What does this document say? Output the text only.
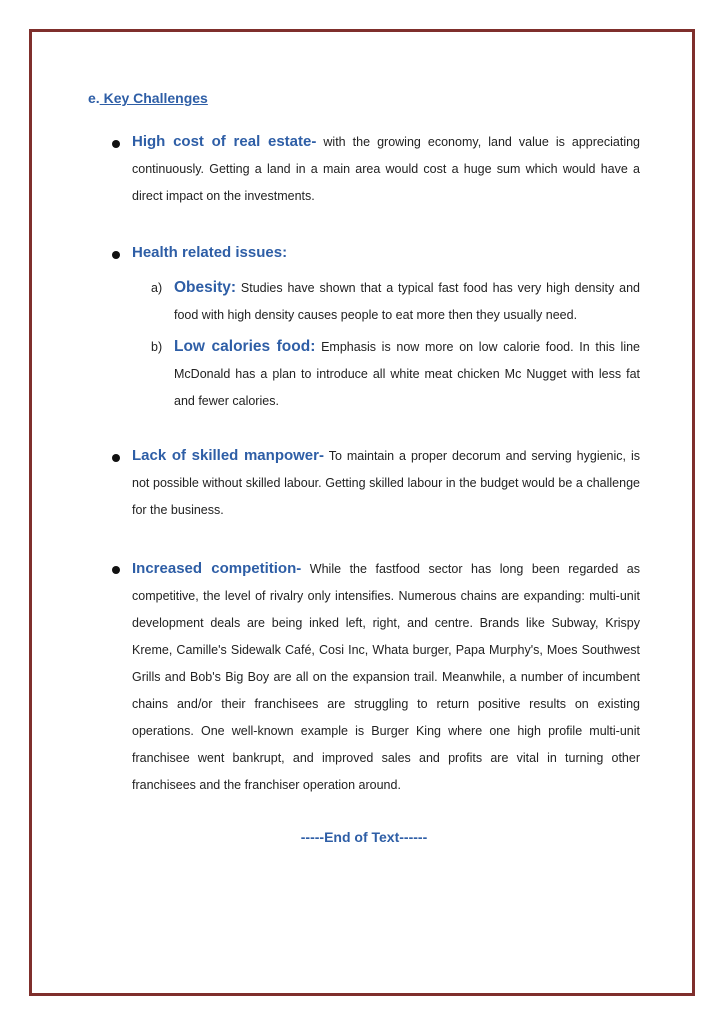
e. Key Challenges
High cost of real estate- with the growing economy, land value is appreciating continuously. Getting a land in a main area would cost a huge sum which would have a direct impact on the investments.
Health related issues:
a) Obesity: Studies have shown that a typical fast food has very high density and food with high density causes people to eat more then they usually need.
b) Low calories food: Emphasis is now more on low calorie food. In this line McDonald has a plan to introduce all white meat chicken Mc Nugget with less fat and fewer calories.
Lack of skilled manpower- To maintain a proper decorum and serving hygienic, is not possible without skilled labour. Getting skilled labour in the budget would be a challenge for the business.
Increased competition- While the fastfood sector has long been regarded as competitive, the level of rivalry only intensifies. Numerous chains are expanding: multi-unit development deals are being inked left, right, and centre. Brands like Subway, Krispy Kreme, Camille's Sidewalk Café, Cosi Inc, Whata burger, Papa Murphy's, Moes Southwest Grills and Bob's Big Boy are all on the expansion trail. Meanwhile, a number of incumbent chains and/or their franchisees are struggling to return positive results on existing operations. One well-known example is Burger King where one high profile multi-unit franchisee went bankrupt, and improved sales and profits are vital in turning other franchisees and the franchiser operation around.
-----End of Text------
